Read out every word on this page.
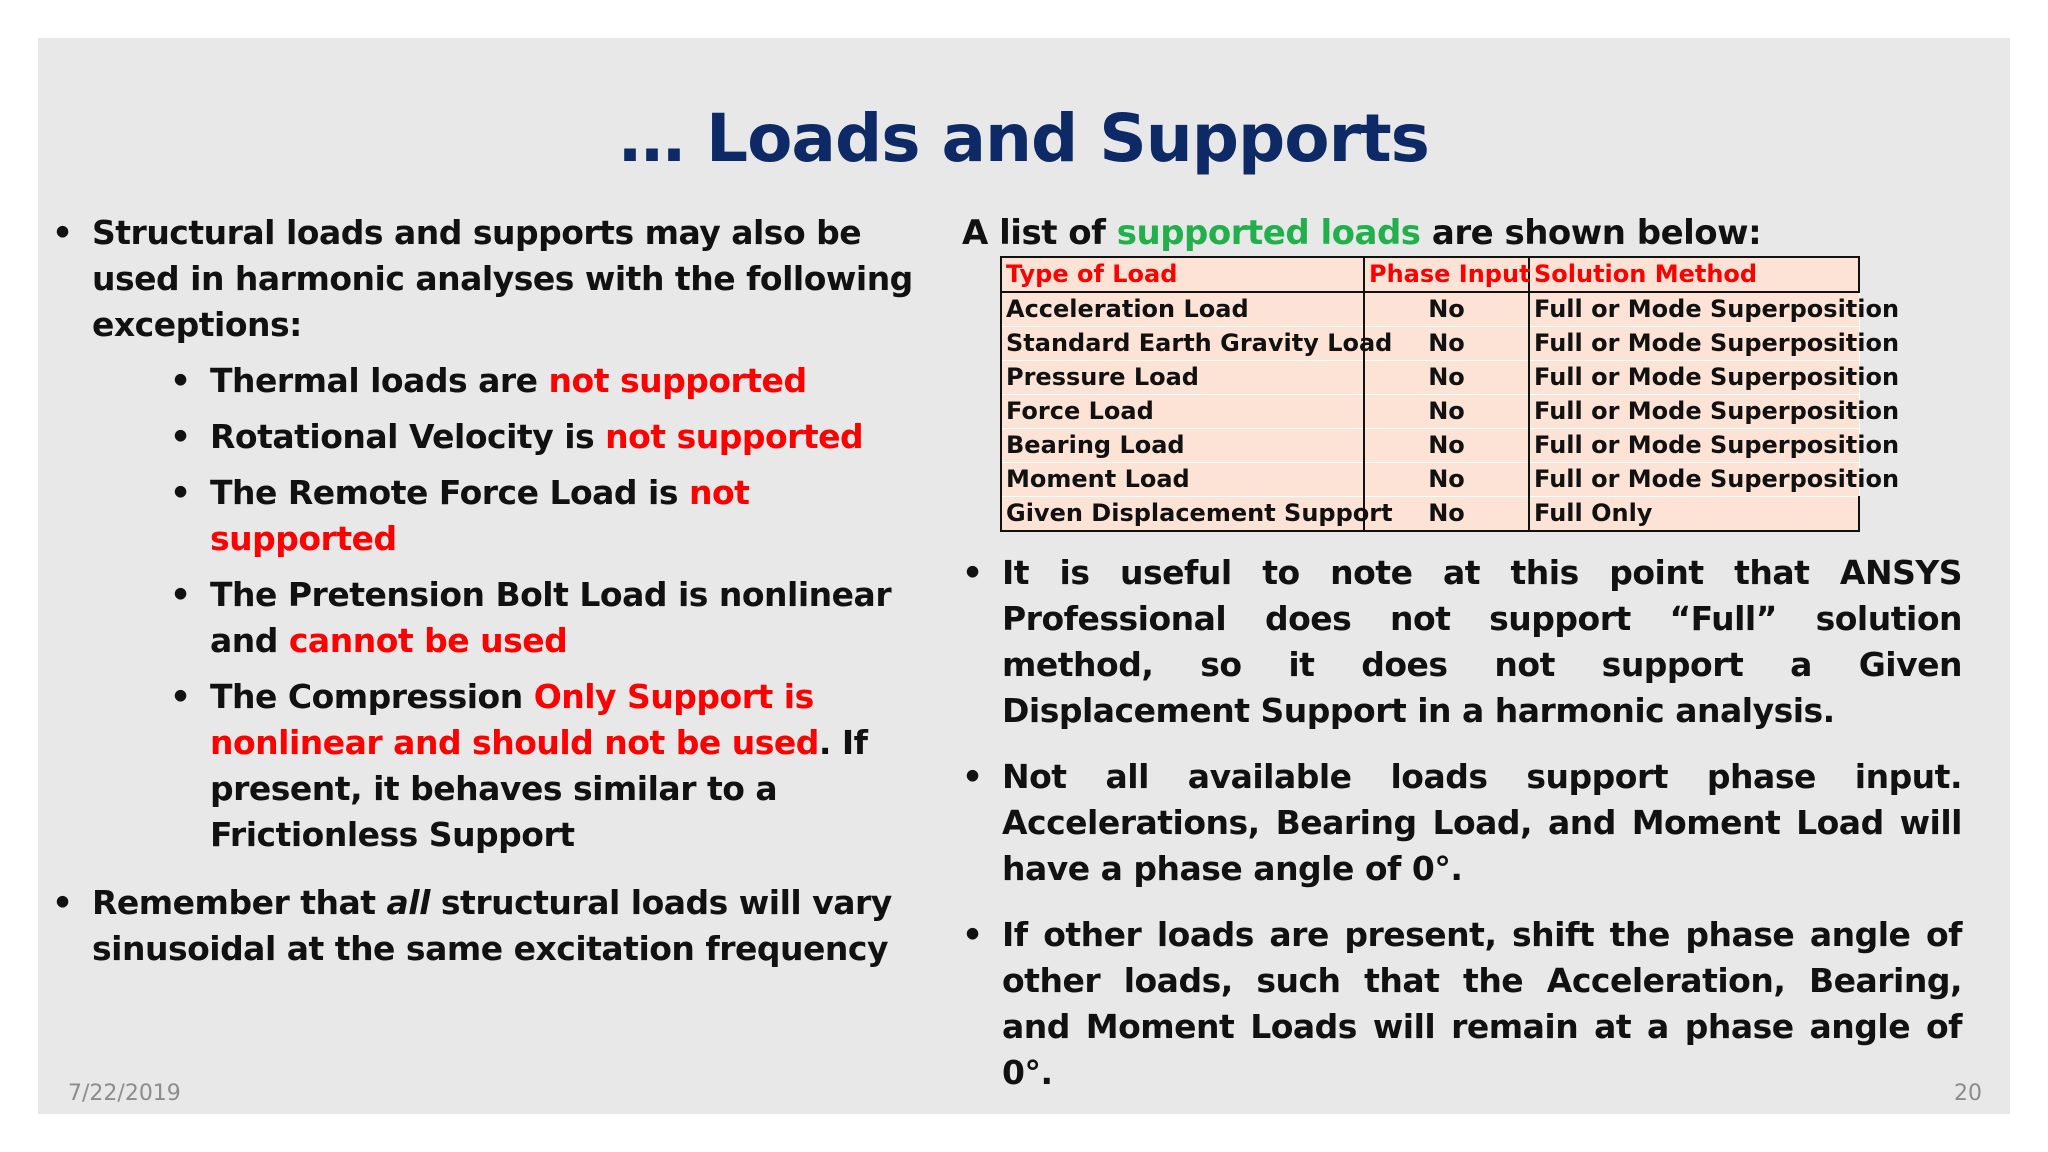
… Loads and Supports
• Structural loads and supports may also be used in harmonic analyses with the following exceptions:
• Thermal loads are not supported
• Rotational Velocity is not supported
• The Remote Force Load is not supported
• The Pretension Bolt Load is nonlinear and cannot be used
• The Compression Only Support is nonlinear and should not be used. If present, it behaves similar to a Frictionless Support
• Remember that all structural loads will vary sinusoidal at the same excitation frequency

A list of supported loads are shown below:

Type of Load	Phase Input	Solution Method
Acceleration Load	No	Full or Mode Superposition
Standard Earth Gravity Load	No	Full or Mode Superposition
Pressure Load	No	Full or Mode Superposition
Force Load	No	Full or Mode Superposition
Bearing Load	No	Full or Mode Superposition
Moment Load	No	Full or Mode Superposition
Given Displacement Support	No	Full Only
• It is useful to note at this point that ANSYS Professional does not support “Full” solution method, so it does not support a Given Displacement Support in a harmonic analysis.
• Not all available loads support phase input. Accelerations, Bearing Load, and Moment Load will have a phase angle of 0°.
• If other loads are present, shift the phase angle of other loads, such that the Acceleration, Bearing, and Moment Loads will remain at a phase angle of 0°.
7/22/2019	20
